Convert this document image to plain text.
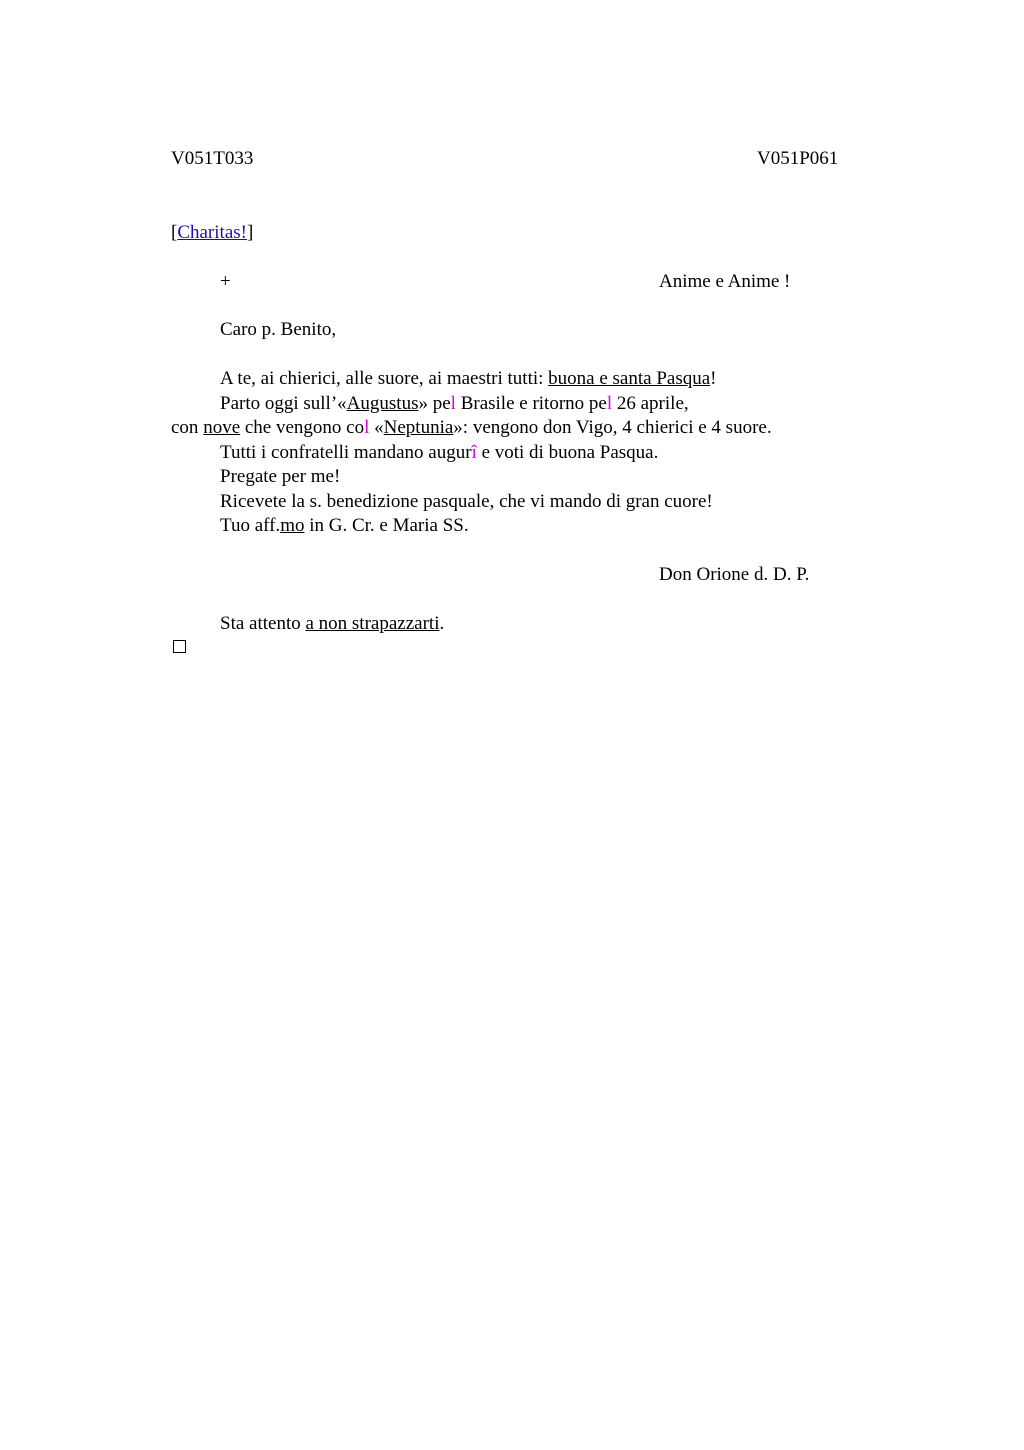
V051T033	V051P061
[Charitas!]
+	Anime e Anime !
Caro p. Benito,
A te, ai chierici, alle suore, ai maestri tutti: buona e santa Pasqua!
Parto oggi sull’«Augustus» pel Brasile e ritorno pel 26 aprile,
con nove che vengono col «Neptunia»: vengono don Vigo, 4 chierici e 4 suore.
Tutti i confratelli mandano augurî e voti di buona Pasqua.
Pregate per me!
Ricevete la s. benedizione pasquale, che vi mando di gran cuore!
Tuo aff.mo in G. Cr. e Maria SS.
Don Orione d. D. P.
Sta attento a non strapazzarti.
